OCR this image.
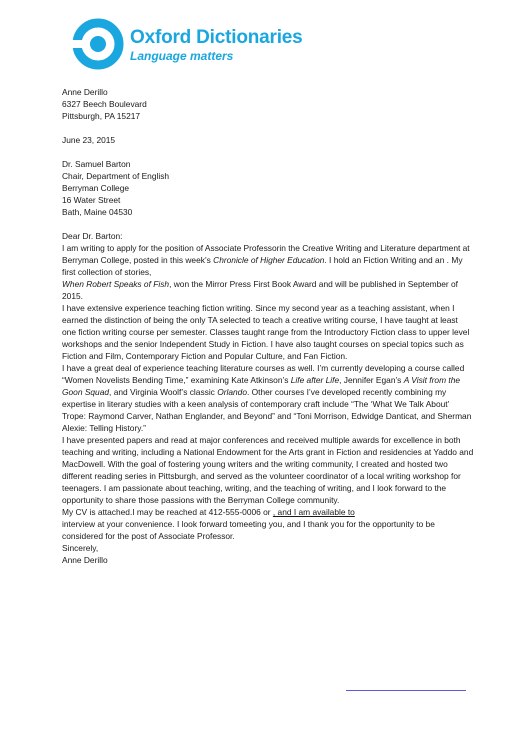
Oxford Dictionaries
Language matters

Anne Derillo

6327 Beech Boulevard

Pittsburgh, PA 15217

June 23, 2015

Dr. Samuel Barton

Chair, Department of English

Berryman College

16 Water Street

Bath, Maine 04530

Dear Dr. Barton:

I am writing to apply for the position of Associate Professorin the Creative Writing and Literature department at Berryman College, posted in this week’s Chronicle of Higher Education. I hold an Fiction Writing and an . My first collection of stories,
When Robert Speaks of Fish, won the Mirror Press First Book Award and will be published in September of 2015.

I have extensive experience teaching fiction writing. Since my second year as a teaching assistant, when I earned the distinction of being the only TA selected to teach a creative writing course, I have taught at least one fiction writing course per semester. Classes taught range from the Introductory Fiction class to upper level workshops and the senior Independent Study in Fiction. I have also taught courses on special topics such as Fiction and Film, Contemporary Fiction and Popular Culture, and Fan Fiction.

I have a great deal of experience teaching literature courses as well. I’m currently developing a course called “Women Novelists Bending Time,” examining Kate Atkinson’s Life after Life, Jennifer Egan’s A Visit from the Goon Squad, and Virginia Woolf’s classic Orlando. Other courses I’ve developed recently combining my expertise in literary studies with a keen analysis of contemporary craft include “The ‘What We Talk About’ Trope: Raymond Carver, Nathan Englander, and Beyond” and “Toni Morrison, Edwidge Danticat, and Sherman Alexie: Telling History.”

I have presented papers and read at major conferences and received multiple awards for excellence in both teaching and writing, including a National Endowment for the Arts grant in Fiction and residencies at Yaddo and MacDowell. With the goal of fostering young writers and the writing community, I created and hosted two different reading series in Pittsburgh, and served as the volunteer coordinator of a local writing workshop for teenagers. I am passionate about teaching, writing, and the teaching of writing, and I look forward to the opportunity to share those passions with the Berryman College community.

My CV is attached.I may be reached at 412-555-0006 or , and I am available to
interview at your convenience. I look forward tomeeting you, and I thank you for the opportunity to be considered for the post of Associate Professor.

Sincerely,

Anne Derillo
